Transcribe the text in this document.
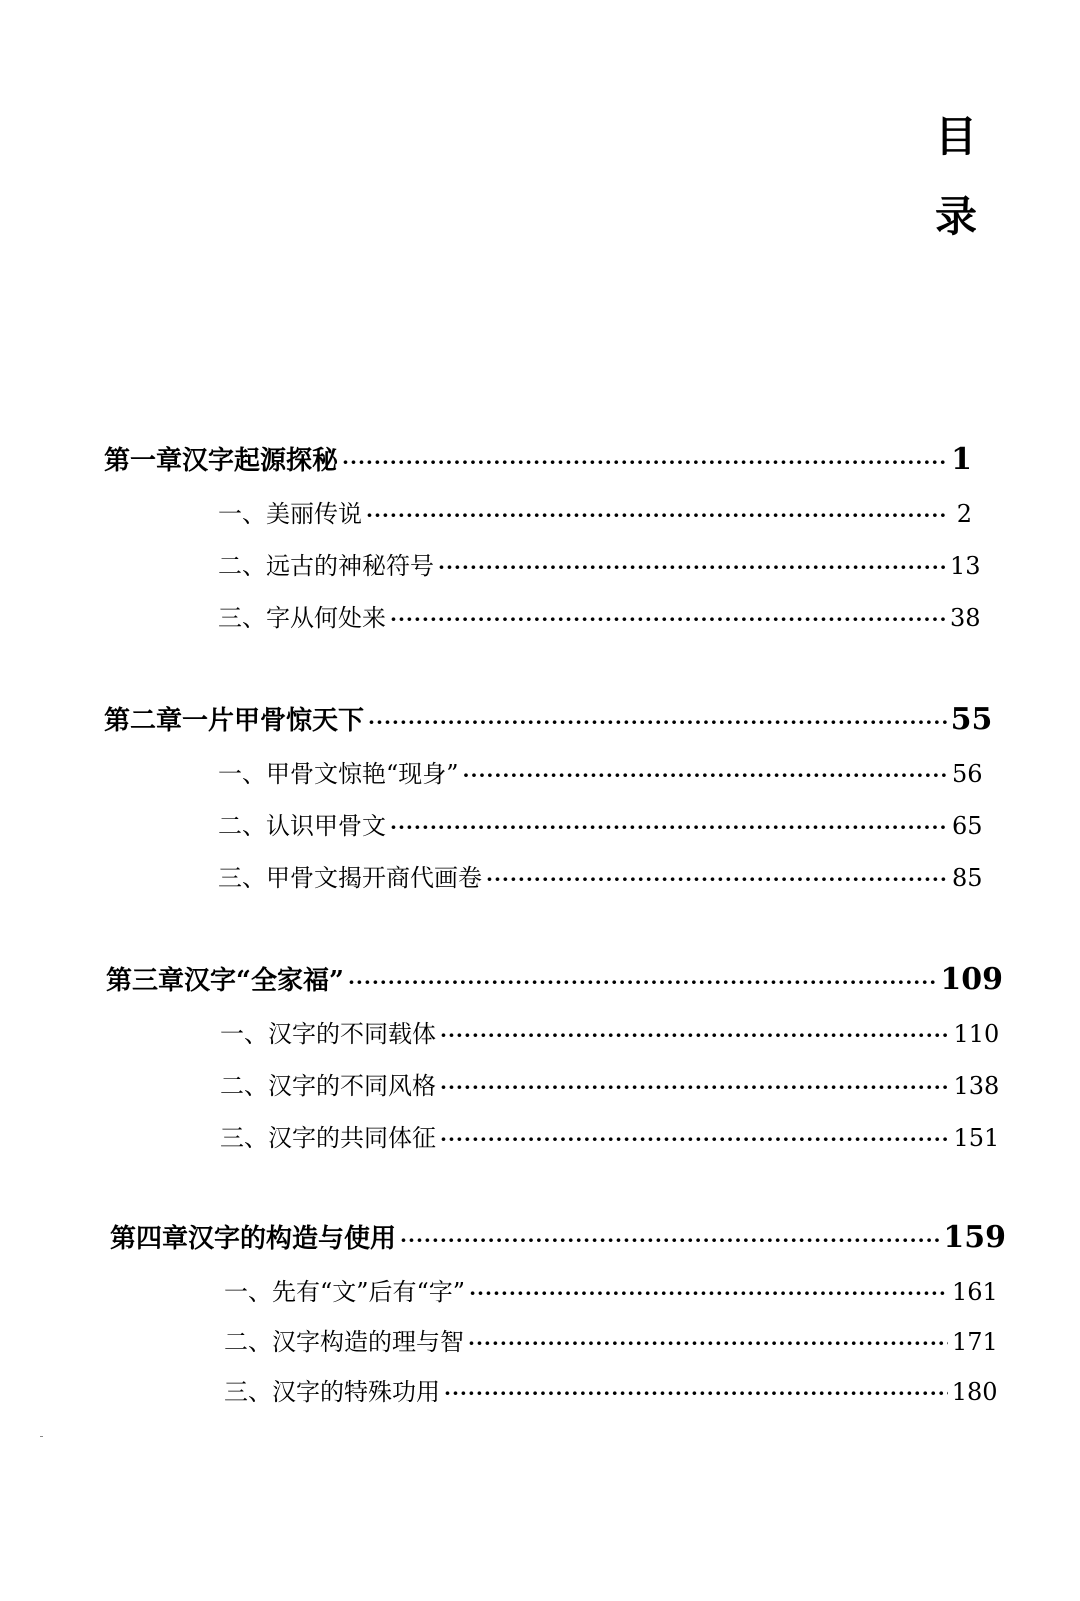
目
录
第一章 汉字起源探秘 ·····	1
一、美丽传说 ·····	2
二、远古的神秘符号 ·····	13
三、字从何处来 ·····	38
第二章 一片甲骨惊天下 ·····	55
一、甲骨文惊艳“现身” ·····	56
二、认识甲骨文 ·····	65
三、甲骨文揭开商代画卷 ·····	85
第三章 汉字“全家福” ·····	109
一、汉字的不同载体 ·····	110
二、汉字的不同风格 ·····	138
三、汉字的共同体征 ·····	151
第四章 汉字的构造与使用 ·····	159
一、先有“文”后有“字” ·····	161
二、汉字构造的理与智 ·····	171
三、汉字的特殊功用 ·····	180
